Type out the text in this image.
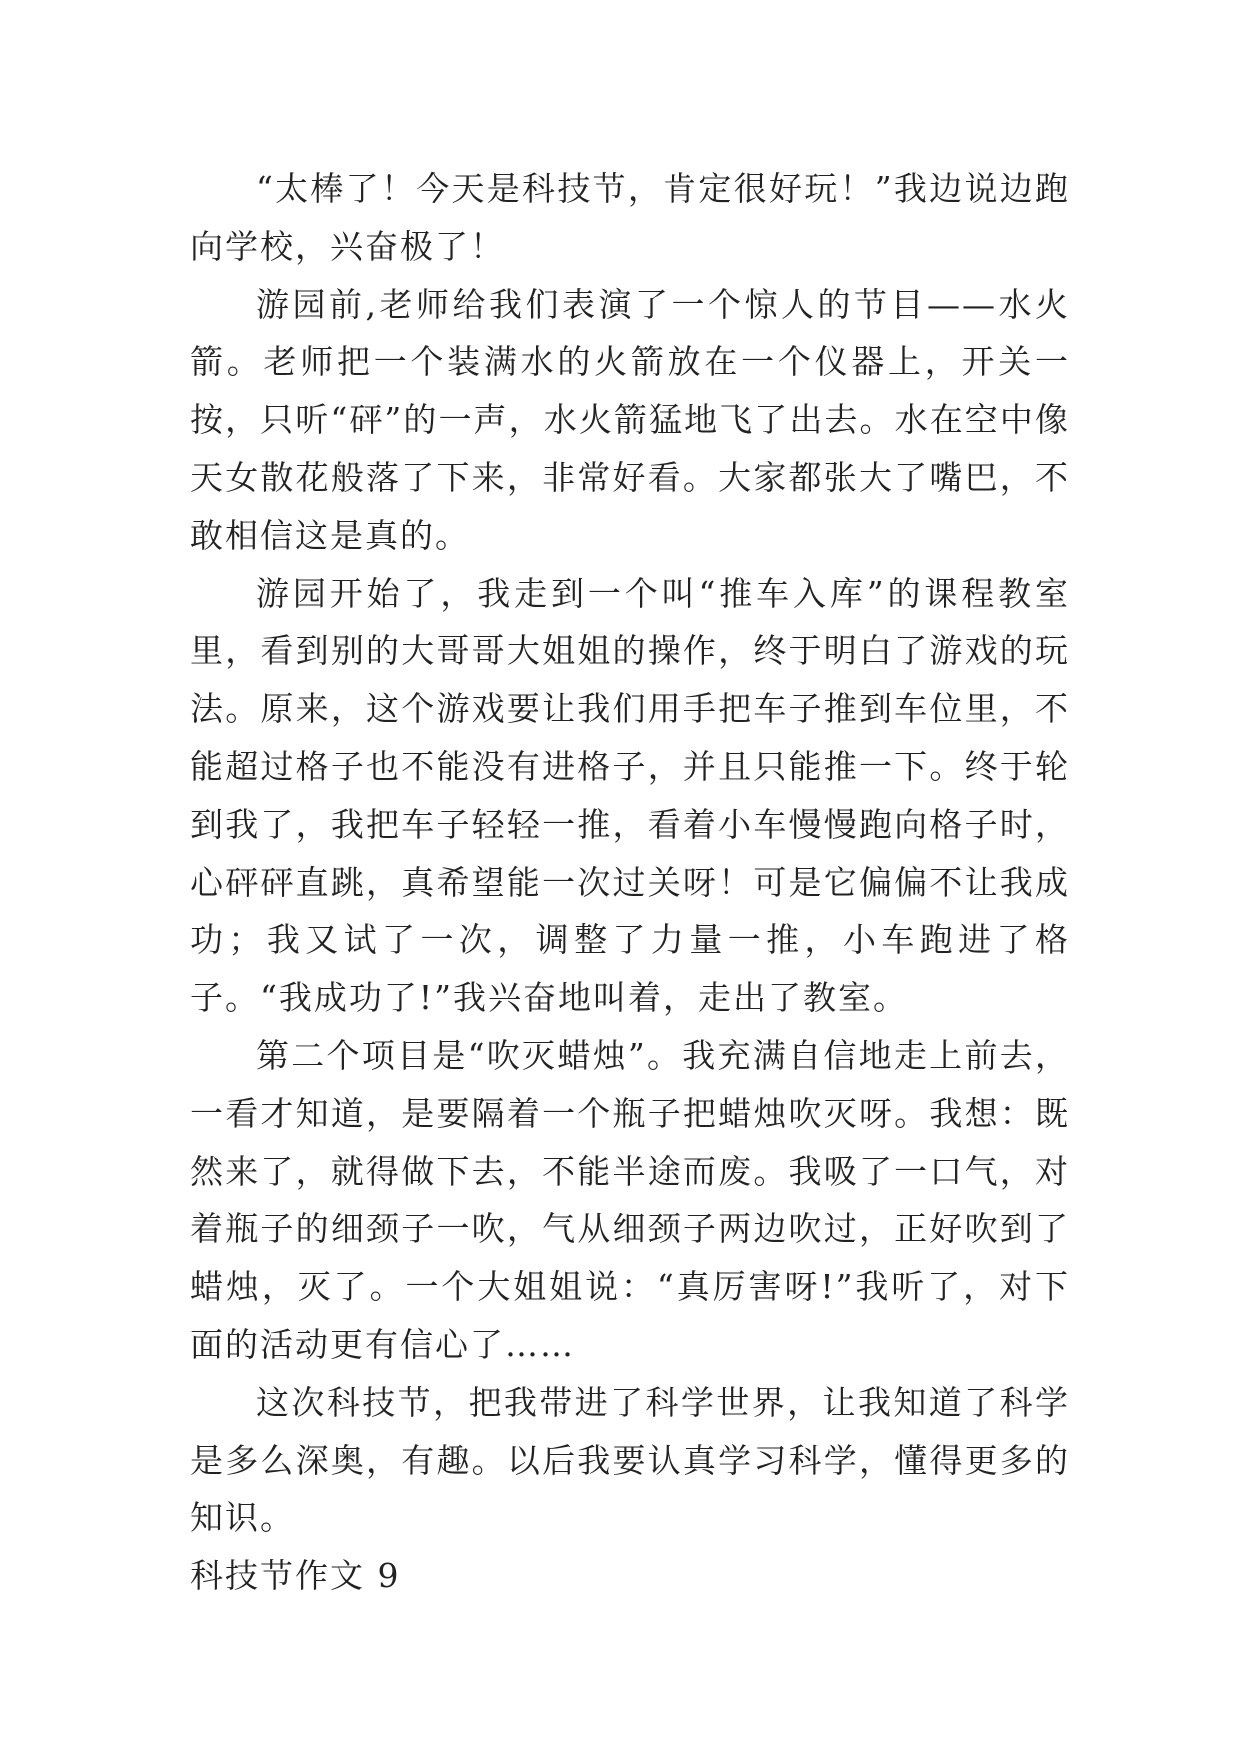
“太棒了！今天是科技节，肯定很好玩！”我边说边跑向学校，兴奋极了！

游园前,老师给我们表演了一个惊人的节目——水火箭。老师把一个装满水的火箭放在一个仪器上，开关一按，只听“砰”的一声，水火箭猛地飞了出去。水在空中像天女散花般落了下来，非常好看。大家都张大了嘴巴，不敢相信这是真的。

游园开始了，我走到一个叫“推车入库”的课程教室里，看到别的大哥哥大姐姐的操作，终于明白了游戏的玩法。原来，这个游戏要让我们用手把车子推到车位里，不能超过格子也不能没有进格子，并且只能推一下。终于轮到我了，我把车子轻轻一推，看着小车慢慢跑向格子时，心砰砰直跳，真希望能一次过关呀！可是它偏偏不让我成功；我又试了一次，调整了力量一推，小车跑进了格子。“我成功了!”我兴奋地叫着，走出了教室。

第二个项目是“吹灭蜡烛”。我充满自信地走上前去，一看才知道，是要隔着一个瓶子把蜡烛吹灭呀。我想：既然来了，就得做下去，不能半途而废。我吸了一口气，对着瓶子的细颈子一吹，气从细颈子两边吹过，正好吹到了蜡烛，灭了。一个大姐姐说：“真厉害呀!”我听了，对下面的活动更有信心了……

这次科技节，把我带进了科学世界，让我知道了科学是多么深奥，有趣。以后我要认真学习科学，懂得更多的知识。

科技节作文 9
